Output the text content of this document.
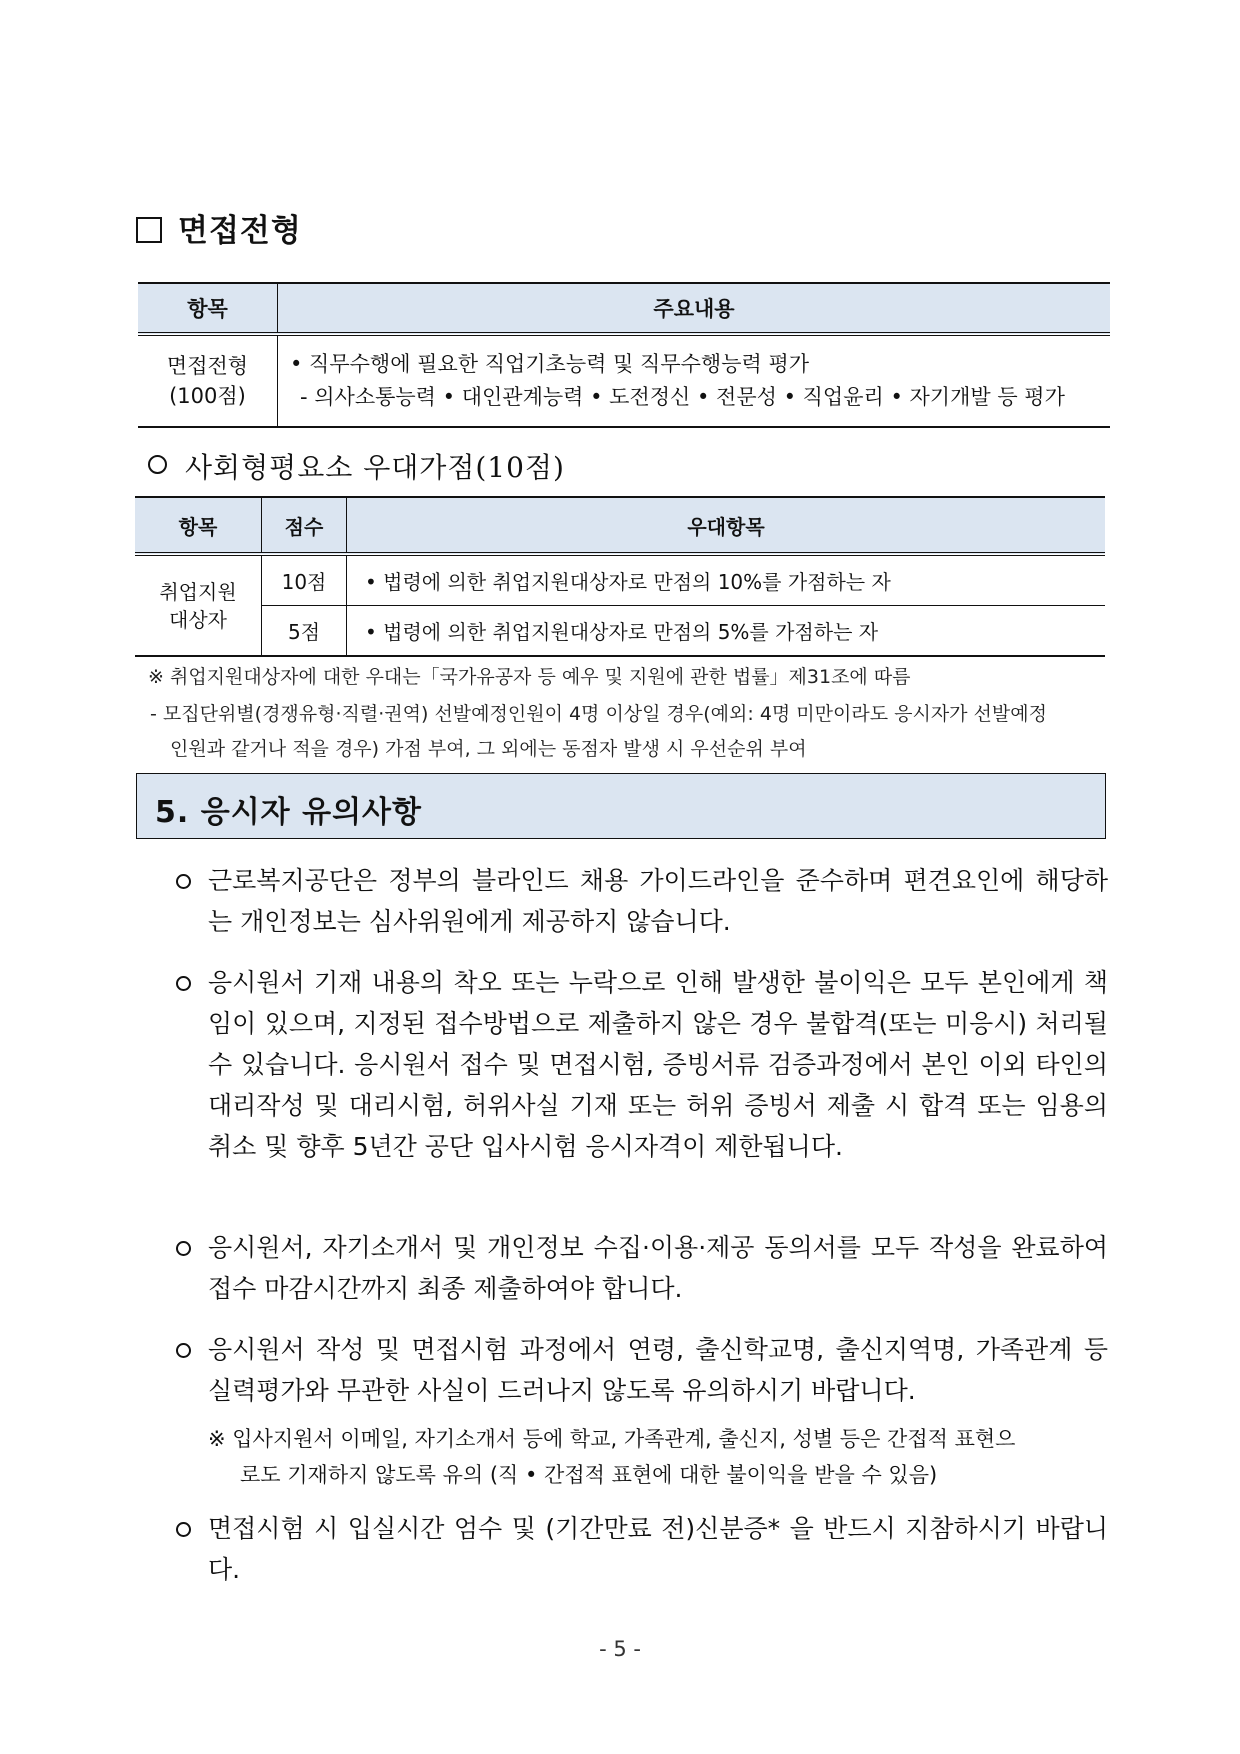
면접전형
항목	주요내용
면접전형
(100점)	• 직무수행에 필요한 직업기초능력 및 직무수행능력 평가
- 의사소통능력 • 대인관계능력 • 도전정신 • 전문성 • 직업윤리 • 자기개발 등 평가
사회형평요소 우대가점(10점)
항목	점수	우대항목
취업지원
대상자	10점	• 법령에 의한 취업지원대상자로 만점의 10%를 가점하는 자
	5점	• 법령에 의한 취업지원대상자로 만점의 5%를 가점하는 자
※ 취업지원대상자에 대한 우대는「국가유공자 등 예우 및 지원에 관한 법률」제31조에 따름
- 모집단위별(경쟁유형·직렬·권역) 선발예정인원이 4명 이상일 경우(예외: 4명 미만이라도 응시자가 선발예정
인원과 같거나 적을 경우) 가점 부여, 그 외에는 동점자 발생 시 우선순위 부여
5. 응시자 유의사항
근로복지공단은 정부의 블라인드 채용 가이드라인을 준수하며 편견요인에 해당하는 개인정보는 심사위원에게 제공하지 않습니다.
응시원서 기재 내용의 착오 또는 누락으로 인해 발생한 불이익은 모두 본인에게 책임이 있으며, 지정된 접수방법으로 제출하지 않은 경우 불합격(또는 미응시) 처리될 수 있습니다. 응시원서 접수 및 면접시험, 증빙서류 검증과정에서 본인 이외 타인의 대리작성 및 대리시험, 허위사실 기재 또는 허위 증빙서 제출 시 합격 또는 임용의 취소 및 향후 5년간 공단 입사시험 응시자격이 제한됩니다.
응시원서, 자기소개서 및 개인정보 수집·이용·제공 동의서를 모두 작성을 완료하여 접수 마감시간까지 최종 제출하여야 합니다.
응시원서 작성 및 면접시험 과정에서 연령, 출신학교명, 출신지역명, 가족관계 등 실력평가와 무관한 사실이 드러나지 않도록 유의하시기 바랍니다.
※ 입사지원서 이메일, 자기소개서 등에 학교, 가족관계, 출신지, 성별 등은 간접적 표현으
로도 기재하지 않도록 유의 (직 • 간접적 표현에 대한 불이익을 받을 수 있음)
면접시험 시 입실시간 엄수 및 (기간만료 전)신분증* 을 반드시 지참하시기 바랍니다.
- 5 -
